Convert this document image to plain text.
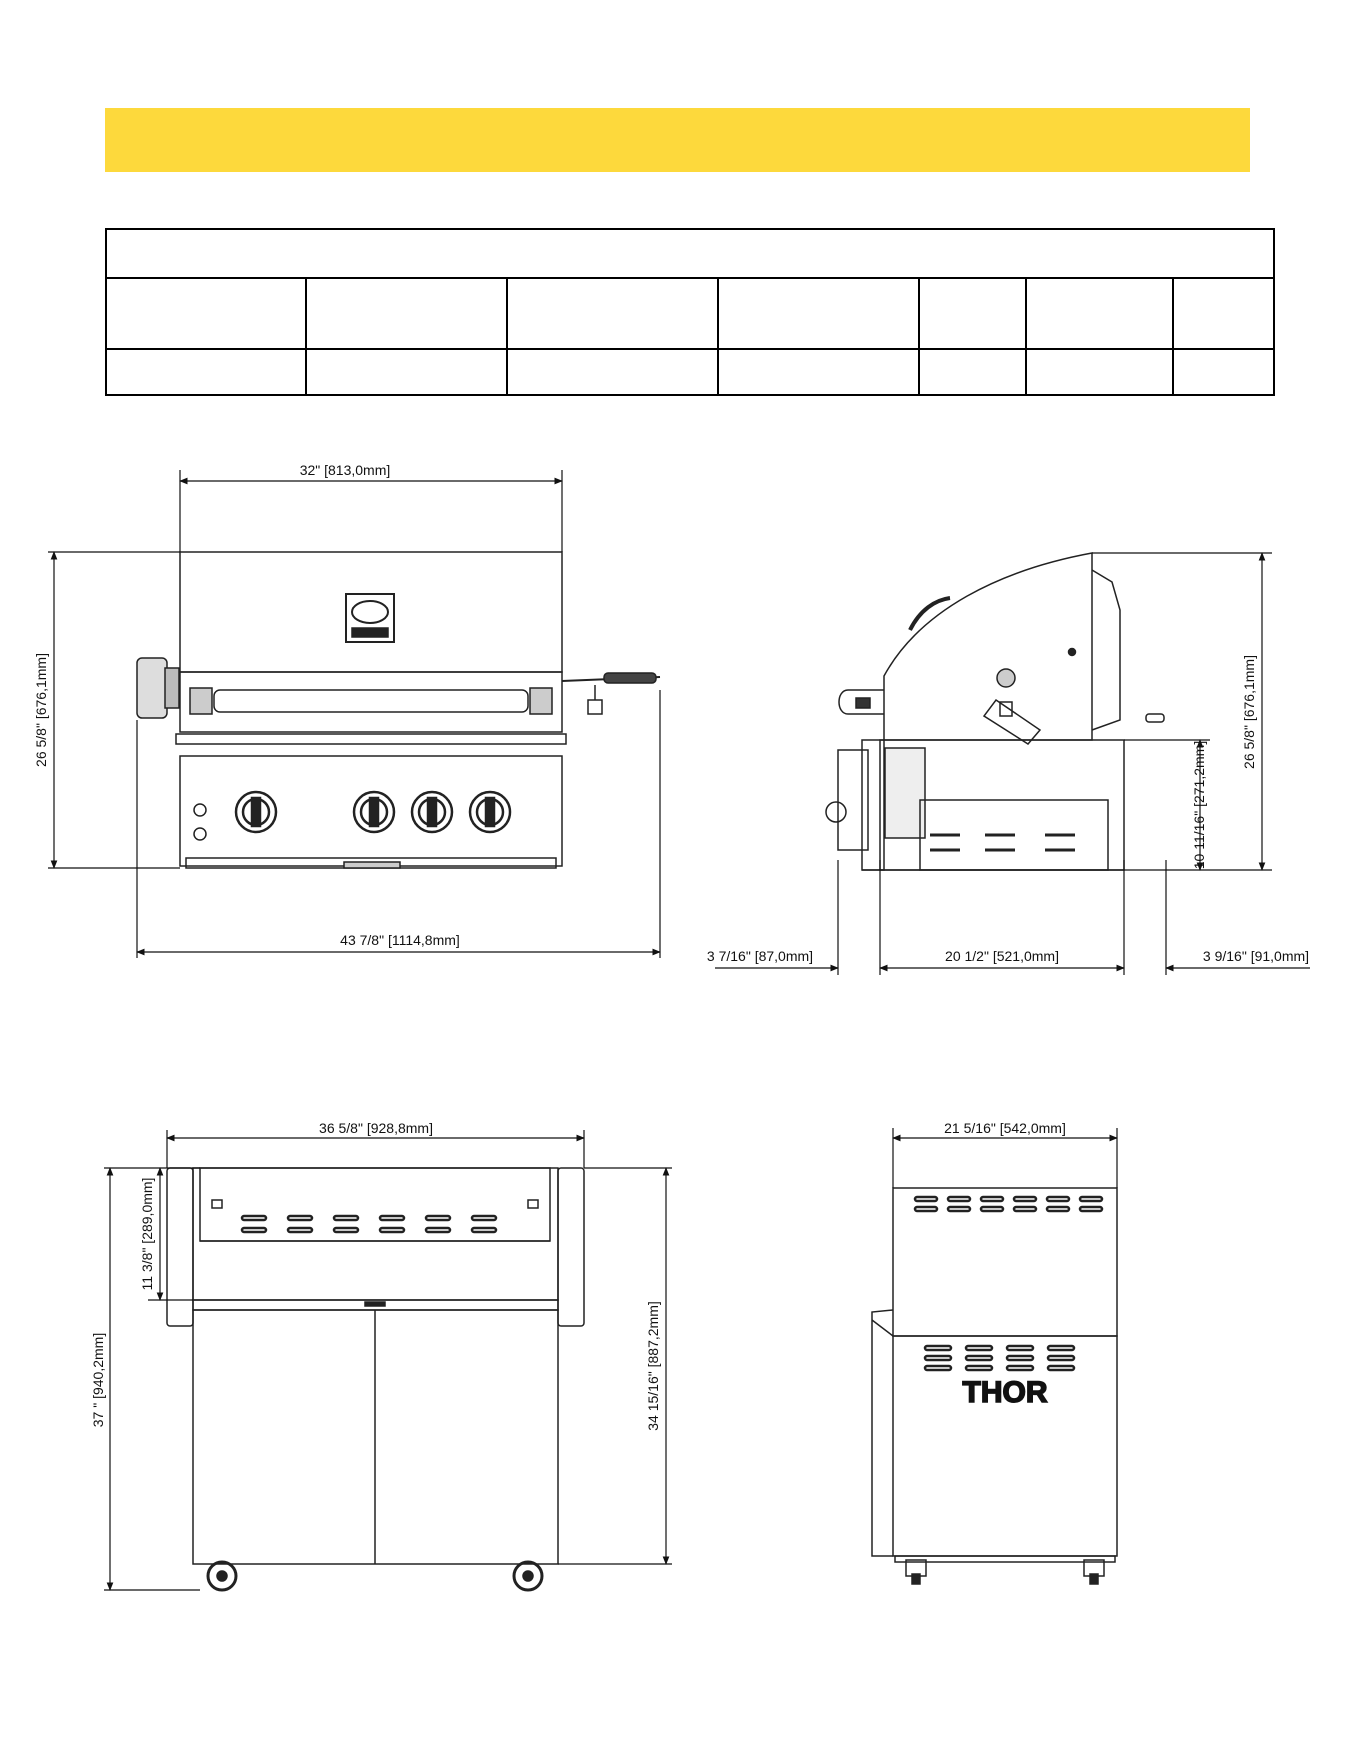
32" [813,0mm]
26 5/8" [676,1mm]
43 7/8" [1114,8mm]
26 5/8" [676,1mm]
10 11/16" [271,2mm]
3 7/16" [87,0mm]	20 1/2" [521,0mm]	3 9/16" [91,0mm]
36 5/8" [928,8mm]
11 3/8" [289,0mm]
37 " [940,2mm]	34 15/16" [887,2mm]	THOR
21 5/16" [542,0mm]
